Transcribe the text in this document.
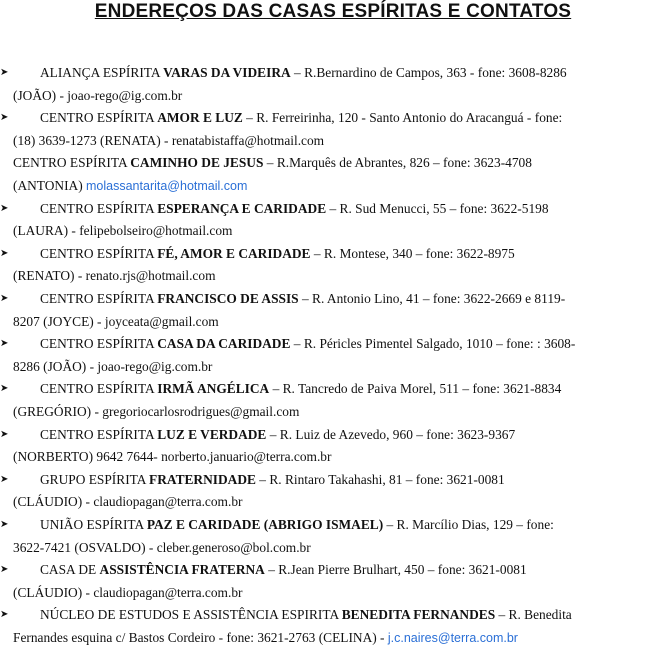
ENDEREÇOS DAS CASAS ESPÍRITAS E CONTATOS
➤ ALIANÇA ESPÍRITA VARAS DA VIDEIRA – R.Bernardino de Campos, 363 - fone: 3608-8286
(JOÃO) - joao-rego@ig.com.br
➤ CENTRO ESPÍRITA AMOR E LUZ – R. Ferreirinha, 120 - Santo Antonio do Aracanguá - fone:
(18) 3639-1273 (RENATA) - renatabistaffa@hotmail.com
CENTRO ESPÍRITA CAMINHO DE JESUS – R.Marquês de Abrantes, 826 – fone: 3623-4708
(ANTONIA) molassantarita@hotmail.com
➤ CENTRO ESPÍRITA ESPERANÇA E CARIDADE – R. Sud Menucci, 55 – fone: 3622-5198
(LAURA) - felipebolseiro@hotmail.com
➤ CENTRO ESPÍRITA FÉ, AMOR E CARIDADE – R. Montese, 340 – fone: 3622-8975
(RENATO) - renato.rjs@hotmail.com
➤ CENTRO ESPÍRITA FRANCISCO DE ASSIS – R. Antonio Lino, 41 – fone: 3622-2669 e 8119-
8207 (JOYCE) - joyceata@gmail.com
➤ CENTRO ESPÍRITA CASA DA CARIDADE – R. Péricles Pimentel Salgado, 1010 – fone: : 3608-
8286 (JOÃO) - joao-rego@ig.com.br
➤ CENTRO ESPÍRITA IRMÃ ANGÉLICA – R. Tancredo de Paiva Morel, 511 – fone: 3621-8834
(GREGÓRIO) - gregoriocarlosrodrigues@gmail.com
➤ CENTRO ESPÍRITA LUZ E VERDADE – R. Luiz de Azevedo, 960 – fone: 3623-9367
(NORBERTO) 9642 7644- norberto.januario@terra.com.br
➤ GRUPO ESPÍRITA FRATERNIDADE – R. Rintaro Takahashi, 81 – fone: 3621-0081
(CLÁUDIO) - claudiopagan@terra.com.br
➤ UNIÃO ESPÍRITA PAZ E CARIDADE (ABRIGO ISMAEL) – R. Marcílio Dias, 129 – fone:
3622-7421 (OSVALDO) - cleber.generoso@bol.com.br
➤ CASA DE ASSISTÊNCIA FRATERNA – R.Jean Pierre Brulhart, 450 – fone: 3621-0081
(CLÁUDIO) - claudiopagan@terra.com.br
➤ NÚCLEO DE ESTUDOS E ASSISTÊNCIA ESPIRITA BENEDITA FERNANDES – R. Benedita
Fernandes esquina c/ Bastos Cordeiro - fone: 3621-2763 (CELINA) - j.c.naires@terra.com.br
